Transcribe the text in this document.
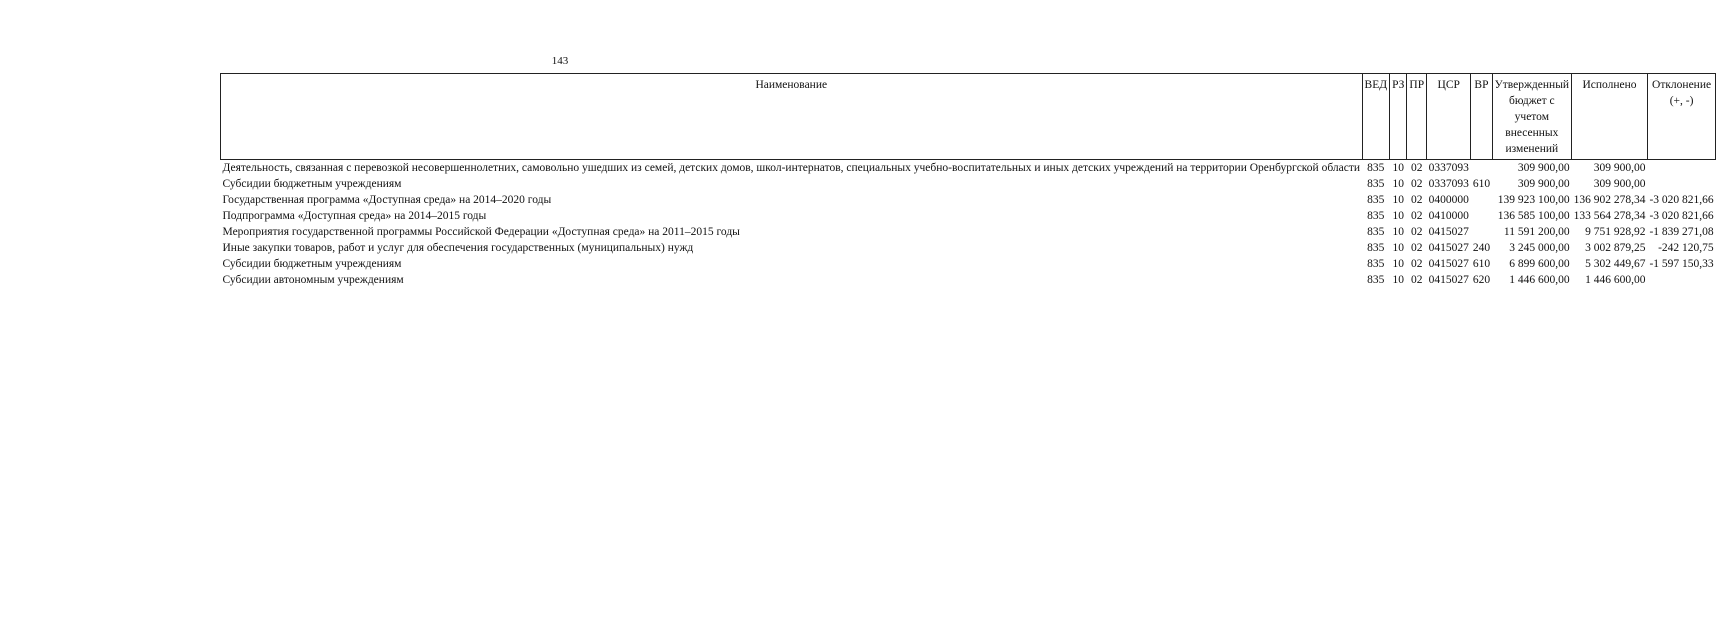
143
Наименование	ВЕД	РЗ	ПР	ЦСР	ВР	Утвержденный бюджет с учетом внесенных изменений	Исполнено	Отклонение (+, -)
Деятельность, связанная с перевозкой несовершеннолетних, самовольно ушедших из семей, детских домов, школ-интернатов, специальных учебно-воспитательных и иных детских учреждений на территории Оренбургской области	835	10	02	0337093		309 900,00	309 900,00	
Субсидии бюджетным учреждениям	835	10	02	0337093	610	309 900,00	309 900,00	
Государственная программа «Доступная среда» на 2014–2020 годы	835	10	02	0400000		139 923 100,00	136 902 278,34	-3 020 821,66
Подпрограмма «Доступная среда» на 2014–2015 годы	835	10	02	0410000		136 585 100,00	133 564 278,34	-3 020 821,66
Мероприятия государственной программы Российской Федерации «Доступная среда» на 2011–2015 годы	835	10	02	0415027		11 591 200,00	9 751 928,92	-1 839 271,08
Иные закупки товаров, работ и услуг для обеспечения государственных (муниципальных) нужд	835	10	02	0415027	240	3 245 000,00	3 002 879,25	-242 120,75
Субсидии бюджетным учреждениям	835	10	02	0415027	610	6 899 600,00	5 302 449,67	-1 597 150,33
Субсидии автономным учреждениям	835	10	02	0415027	620	1 446 600,00	1 446 600,00	
